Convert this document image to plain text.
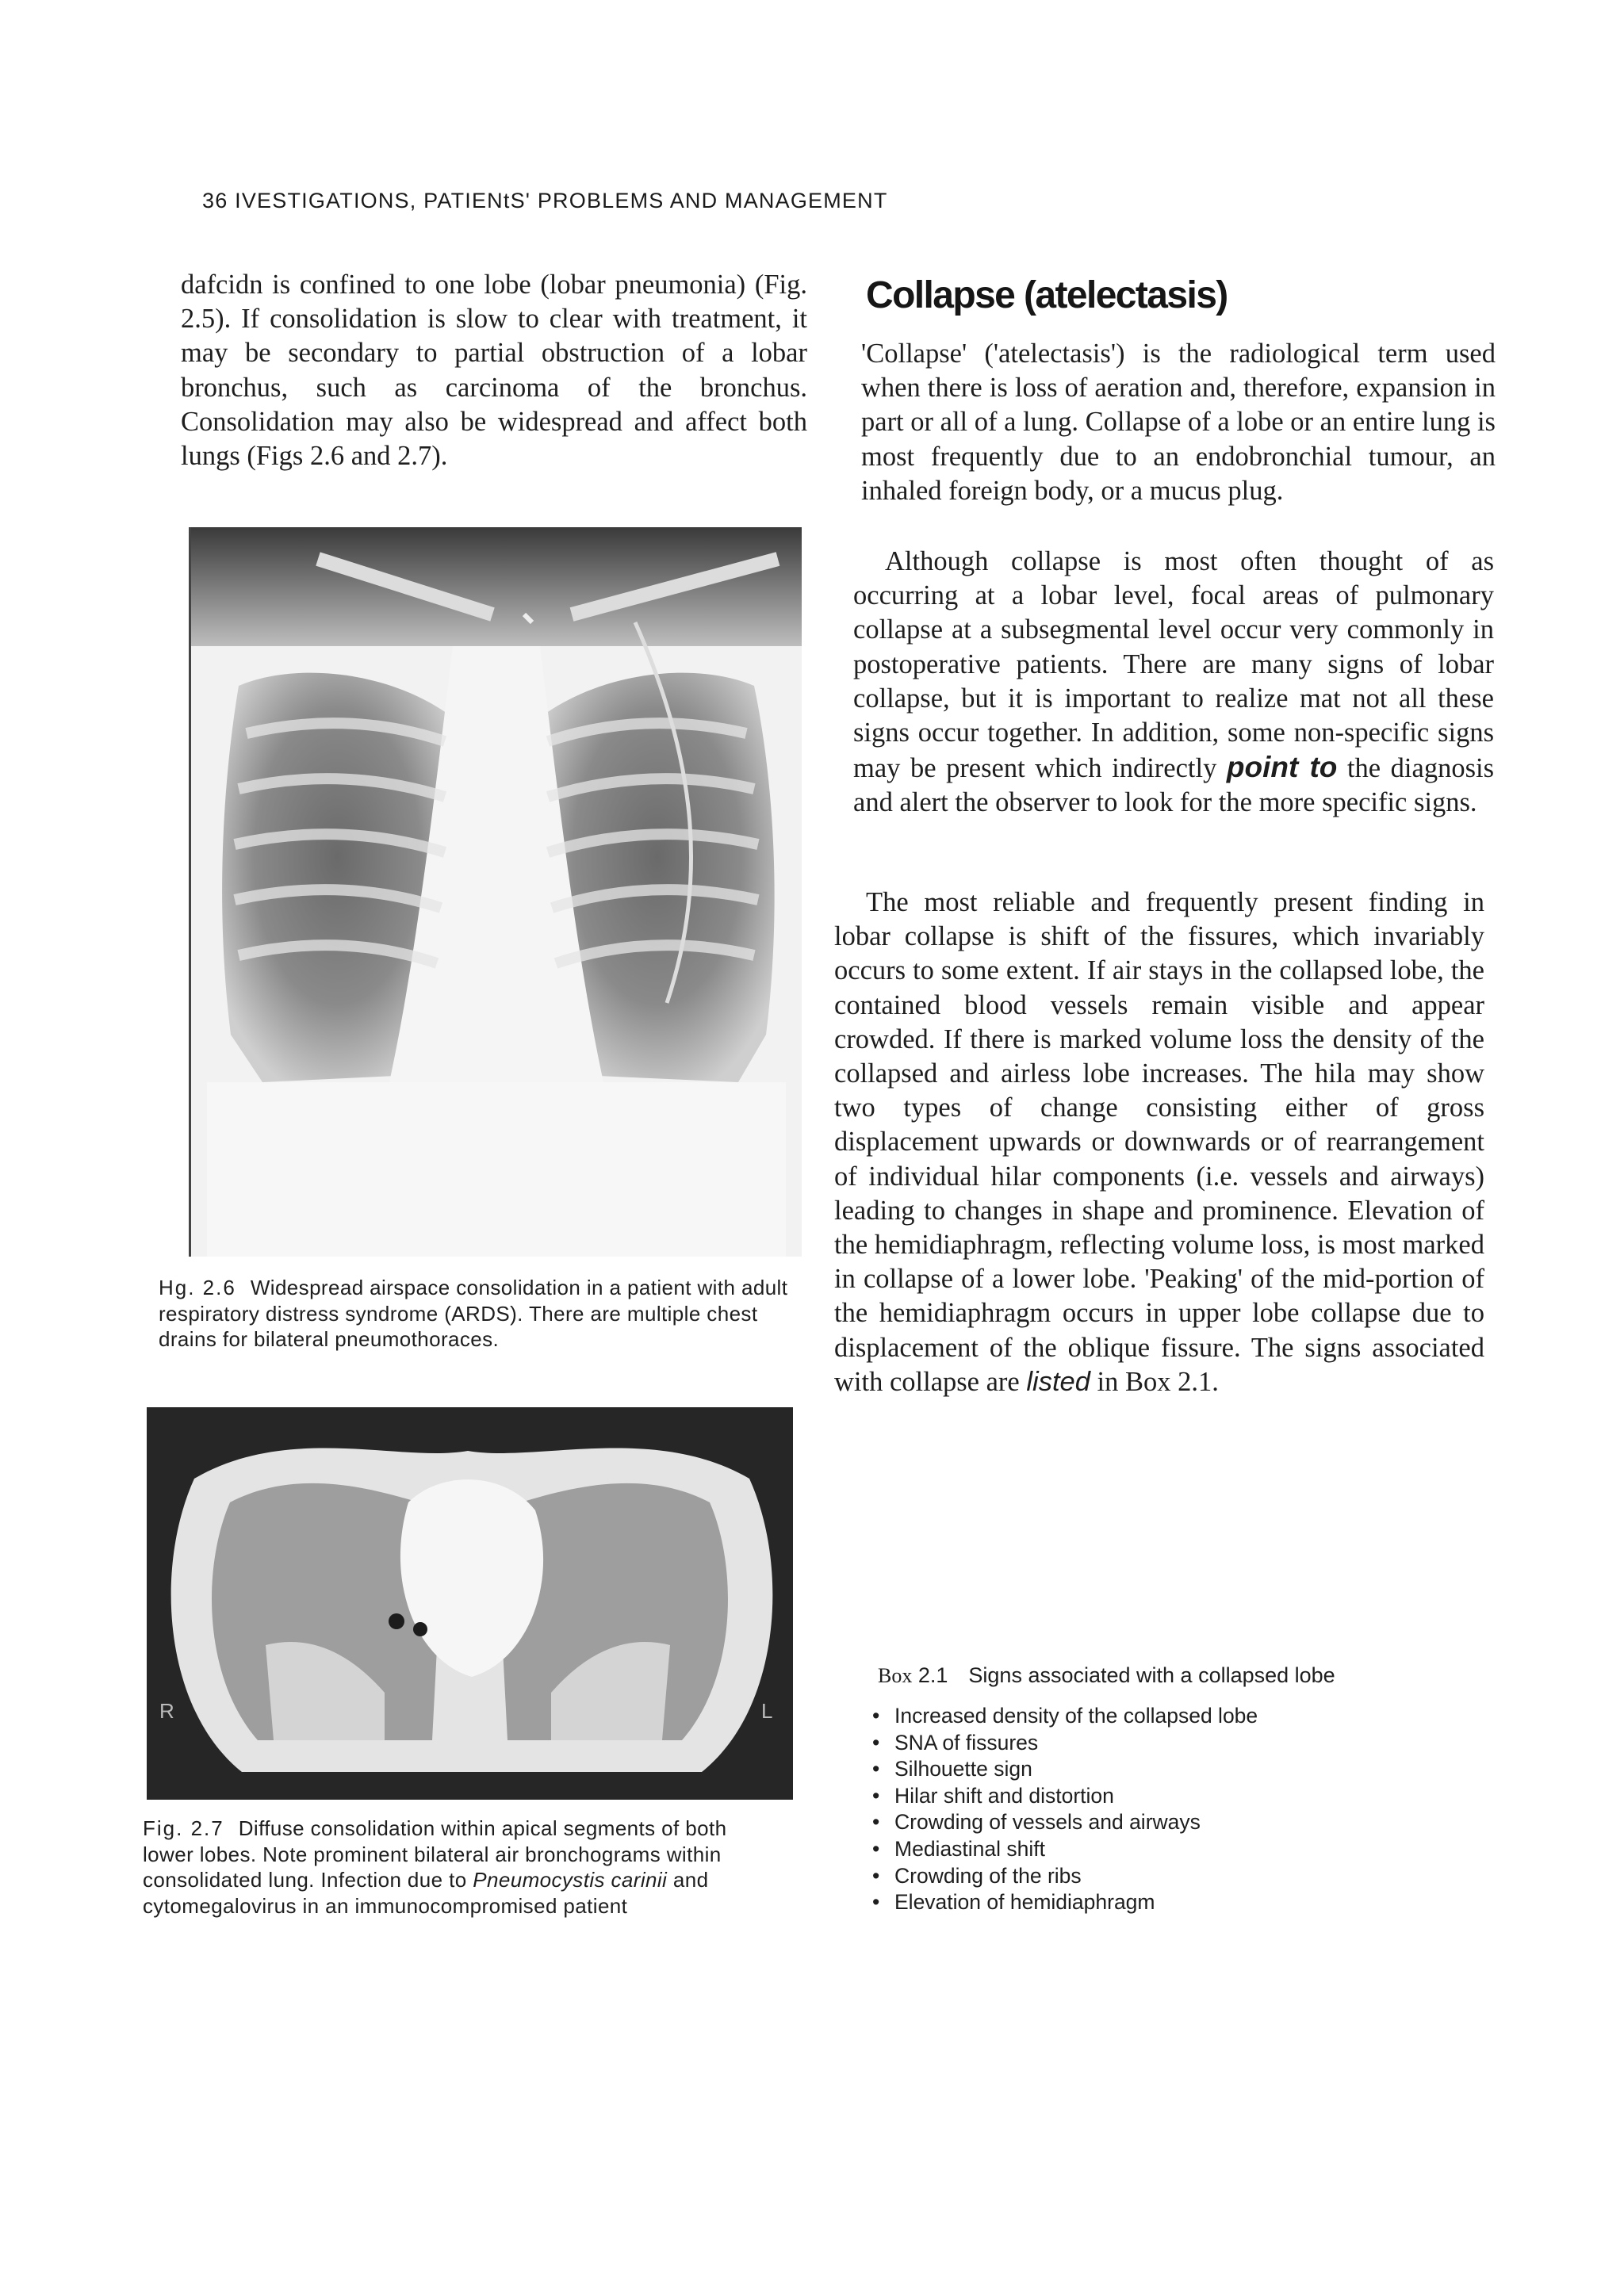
36 IVESTIGATIONS, PATIENtS' PROBLEMS AND MANAGEMENT

dafcidn is confined to one lobe (lobar pneumonia) (Fig. 2.5). If consolidation is slow to clear with treatment, it may be secondary to partial obstruction of a lobar bronchus, such as carcinoma of the bronchus. Consolidation may also be widespread and affect both lungs (Figs 2.6 and 2.7).

Hg. 2.6 Widespread airspace consolidation in a patient with adult respiratory distress syndrome (ARDS). There are multiple chest drains for bilateral pneumothoraces.
R	L
Fig. 2.7 Diffuse consolidation within apical segments of both lower lobes. Note prominent bilateral air bronchograms within consolidated lung. Infection due to Pneumocystis carinii and cytomegalovirus in an immunocompromised patient
Collapse (atelectasis)

'Collapse' ('atelectasis') is the radiological term used when there is loss of aeration and, therefore, expansion in part or all of a lung. Collapse of a lobe or an entire lung is most frequently due to an endobronchial tumour, an inhaled foreign body, or a mucus plug.

Although collapse is most often thought of as occurring at a lobar level, focal areas of pulmonary collapse at a subsegmental level occur very commonly in postoperative patients. There are many signs of lobar collapse, but it is important to realize mat not all these signs occur together. In addition, some non-specific signs may be present which indirectly point to the diagnosis and alert the observer to look for the more specific signs.

The most reliable and frequently present finding in lobar collapse is shift of the fissures, which invariably occurs to some extent. If air stays in the collapsed lobe, the contained blood vessels remain visible and appear crowded. If there is marked volume loss the density of the collapsed and airless lobe increases. The hila may show two types of change consisting either of gross displacement upwards or downwards or of rearrangement of individual hilar components (i.e. vessels and airways) leading to changes in shape and prominence. Elevation of the hemidiaphragm, reflecting volume loss, is most marked in collapse of a lower lobe. 'Peaking' of the mid-portion of the hemidiaphragm occurs in upper lobe collapse due to displacement of the oblique fissure. The signs associated with collapse are listed in Box 2.1.

Box 2.1 Signs associated with a collapsed lobe
• Increased density of the collapsed lobe
• SNA of fissures
• Silhouette sign
• Hilar shift and distortion
• Crowding of vessels and airways
• Mediastinal shift
• Crowding of the ribs
• Elevation of hemidiaphragm
